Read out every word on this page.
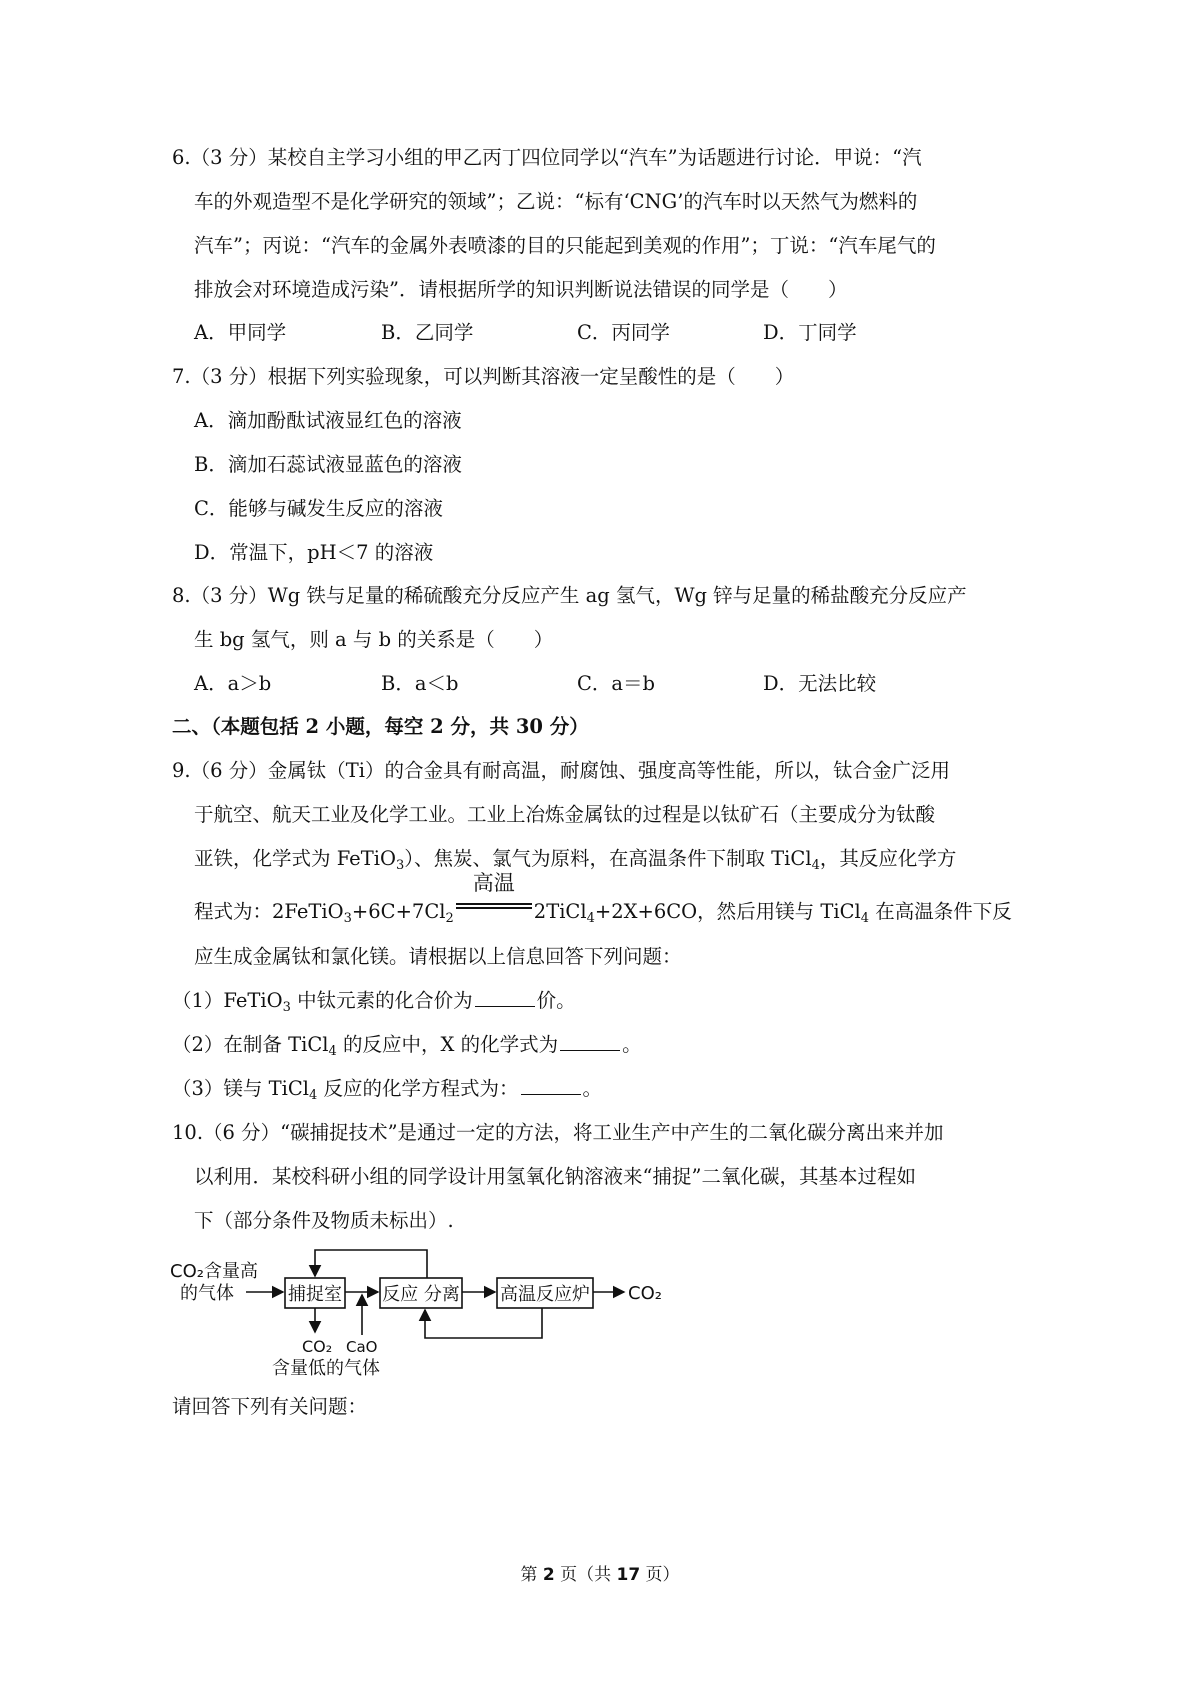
6.（3 分）某校自主学习小组的甲乙丙丁四位同学以“汽车”为话题进行讨论．甲说：“汽
车的外观造型不是化学研究的领域”；乙说：“标有‘CNG’的汽车时以天然气为燃料的
汽车”；丙说：“汽车的金属外表喷漆的目的只能起到美观的作用”；丁说：“汽车尾气的
排放会对环境造成污染”．请根据所学的知识判断说法错误的同学是（　　）
A．甲同学	B．乙同学	C．丙同学	D．丁同学
7.（3 分）根据下列实验现象，可以判断其溶液一定呈酸性的是（　　）
A．滴加酚酞试液显红色的溶液
B．滴加石蕊试液显蓝色的溶液
C．能够与碱发生反应的溶液
D．常温下，pH＜7 的溶液
8.（3 分）Wg 铁与足量的稀硫酸充分反应产生 ag 氢气，Wg 锌与足量的稀盐酸充分反应产
生 bg 氢气，则 a 与 b 的关系是（　　）
A．a＞b	B．a＜b	C．a＝b	D．无法比较
二、（本题包括 2 小题，每空 2 分，共 30 分）
9.（6 分）金属钛（Ti）的合金具有耐高温，耐腐蚀、强度高等性能，所以，钛合金广泛用
于航空、航天工业及化学工业。工业上冶炼金属钛的过程是以钛矿石（主要成分为钛酸
亚铁，化学式为 FeTiO$_3$）、焦炭、氯气为原料，在高温条件下制取 TiCl$_4$，其反应化学方
程式为：$2FeTiO_3+6C+7Cl_2$
高温
2TiCl$_4$+2X+6CO，然后用镁与 TiCl$_4$ 在高温条件下反
应生成金属钛和氯化镁。请根据以上信息回答下列问题：
（1）FeTiO$_3$ 中钛元素的化合价为	价。
（2）在制备 TiCl$_4$ 的反应中，X 的化学式为	。
（3）镁与 TiCl$_4$ 反应的化学方程式为：	。
10.（6 分）“碳捕捉技术”是通过一定的方法，将工业生产中产生的二氧化碳分离出来并加
以利用．某校科研小组的同学设计用氢氧化钠溶液来“捕捉”二氧化碳，其基本过程如
下（部分条件及物质未标出）.
CO₂含量高
的气体	捕捉室 反应 分离 高温反应炉 CO₂
CaO
CO₂
含量低的气体
请回答下列有关问题：
第 2 页（共 17 页）
